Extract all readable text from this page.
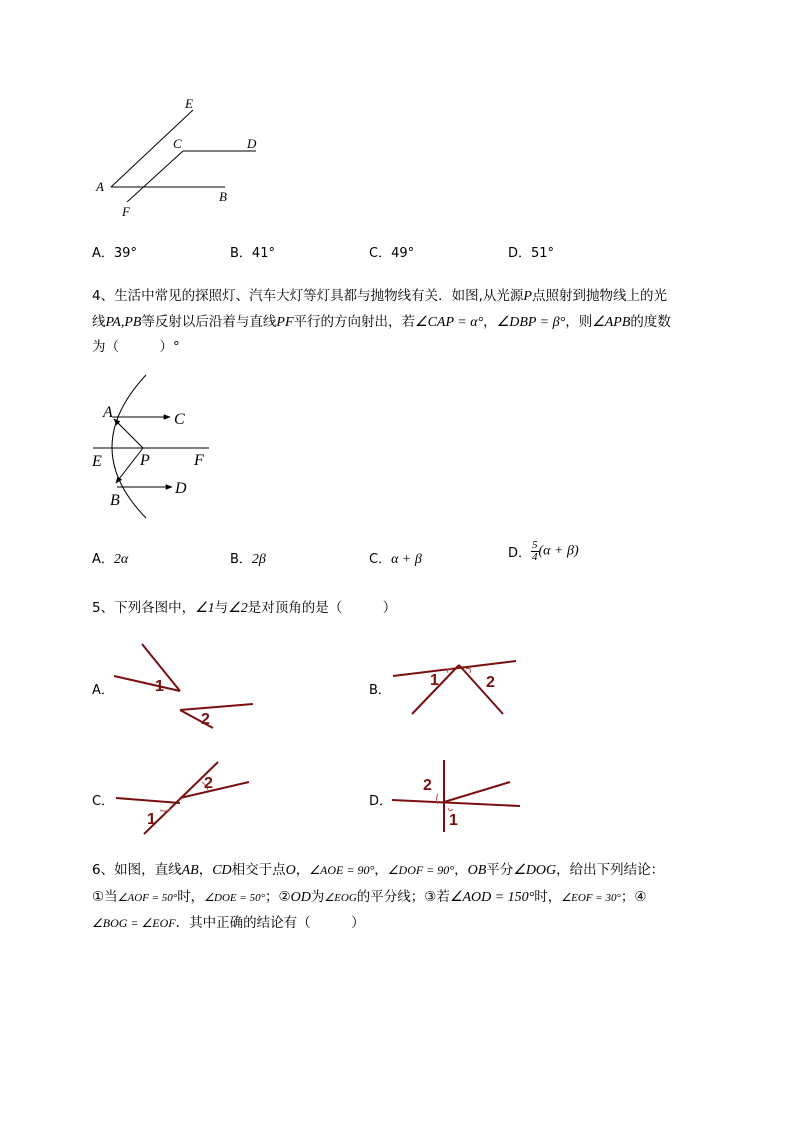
E
C	D
A
B
F
A．39°	B．41°	C．49°	D．51°
4、生活中常见的探照灯、汽车大灯等灯具都与抛物线有关．如图,从光源P点照射到抛物线上的光
线PA,PB等反射以后沿着与直线PF平行的方向射出，若∠CAP = α°，∠DBP = β°，则∠APB的度数
为（　　　）°
A	C
E P	F
B
D
A．2α	B．2β	C．α + β	D． $\frac{5}{4} (\alpha + \beta)$
5、下列各图中，∠1与∠2是对顶角的是（　　　）
A．	1
2
B．
1	2
C．
1
2
D．
2
1
6、如图，直线AB，CD相交于点O，∠AOE = 90°，∠DOF = 90°，OB平分∠DOG，给出下列结论：
①当∠AOF = 50°时，∠DOE = 50°；②OD为∠EOG的平分线；③若∠AOD = 150°时，∠EOF = 30°；④
∠BOG = ∠EOF．其中正确的结论有（　　　）
